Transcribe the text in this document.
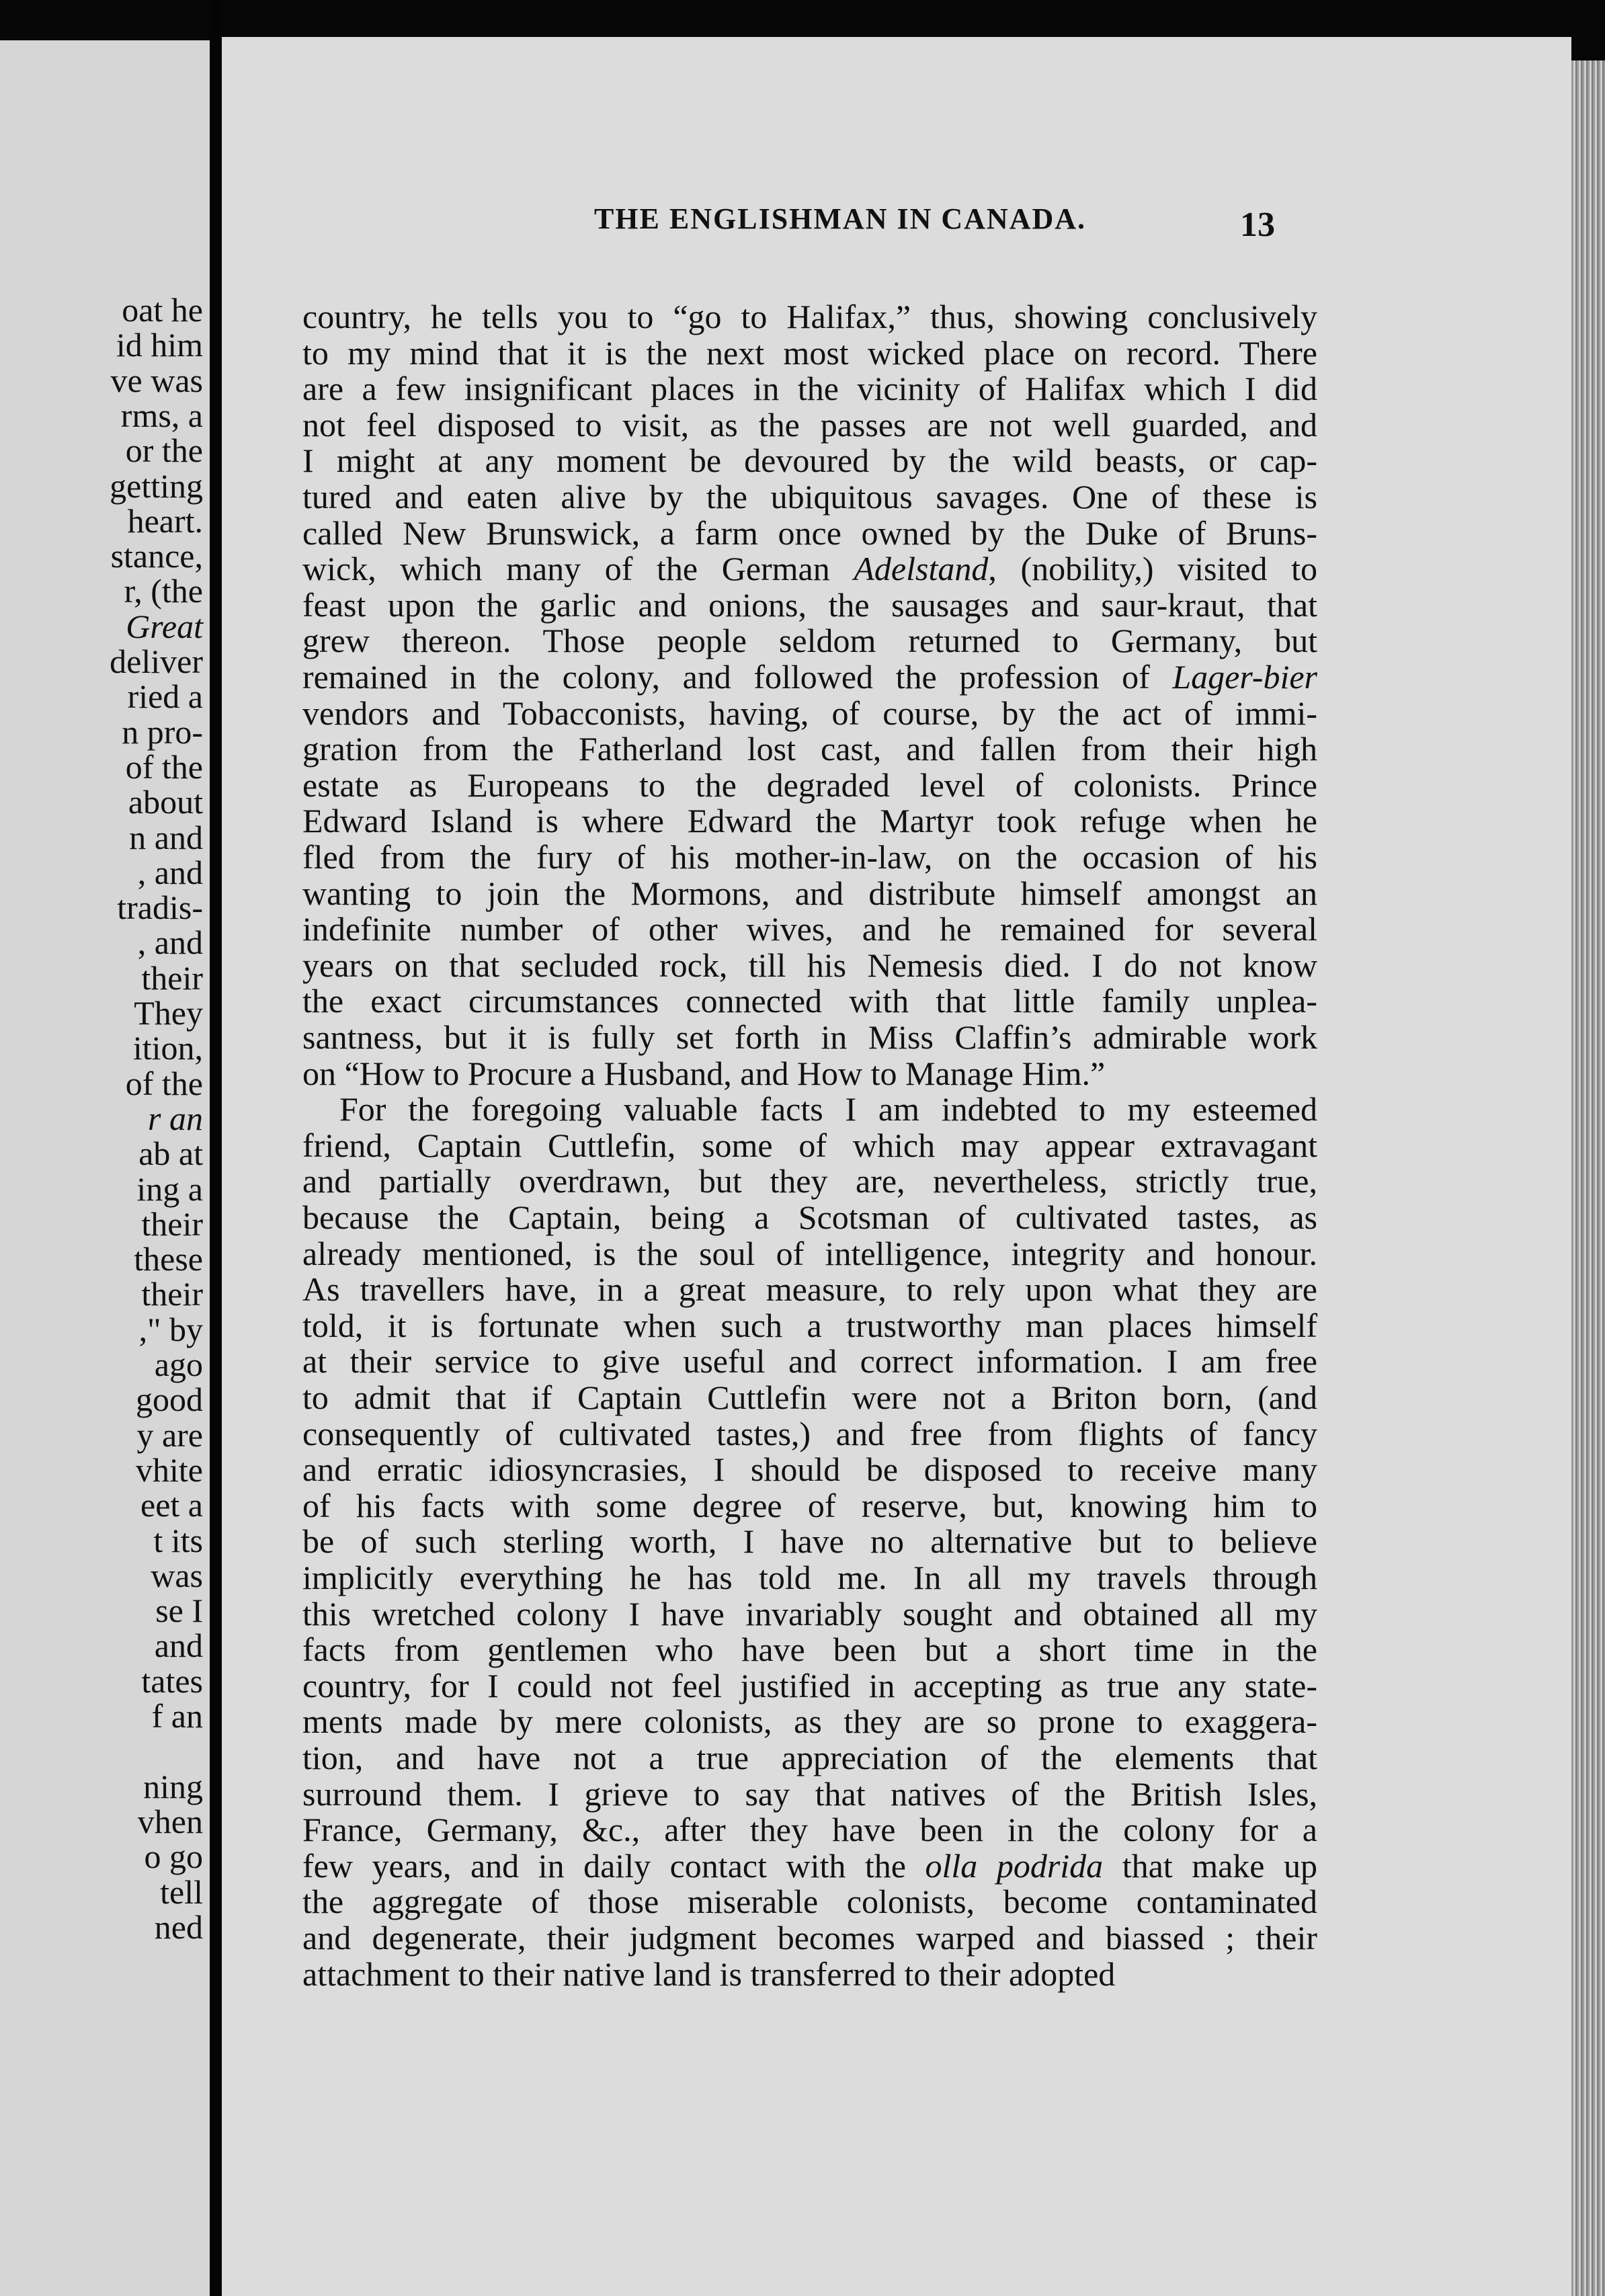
oat he
id him
ve was
rms, a
or the
getting
heart.
stance,
r, (the
Great
deliver
ried a
n pro-
of the
about
n and
, and
tradis-
, and
their
They
ition,
of the
r an
ab at
ing a
their
these
their
," by
ago
good
y are
vhite
eet a
t its
was
se I
and
tates
f an
ning
vhen
o go
tell
ned
THE ENGLISHMAN IN CANADA.	13
country, he tells you to “go to Halifax,” thus, showing conclusively
to my mind that it is the next most wicked place on record. There
are a few insignificant places in the vicinity of Halifax which I did
not feel disposed to visit, as the passes are not well guarded, and
I might at any moment be devoured by the wild beasts, or cap-
tured and eaten alive by the ubiquitous savages. One of these is
called New Brunswick, a farm once owned by the Duke of Bruns-
wick, which many of the German Adelstand, (nobility,) visited to
feast upon the garlic and onions, the sausages and saur-kraut, that
grew thereon. Those people seldom returned to Germany, but
remained in the colony, and followed the profession of Lager-bier
vendors and Tobacconists, having, of course, by the act of immi-
gration from the Fatherland lost cast, and fallen from their high
estate as Europeans to the degraded level of colonists. Prince
Edward Island is where Edward the Martyr took refuge when he
fled from the fury of his mother-in-law, on the occasion of his
wanting to join the Mormons, and distribute himself amongst an
indefinite number of other wives, and he remained for several
years on that secluded rock, till his Nemesis died. I do not know
the exact circumstances connected with that little family unplea-
santness, but it is fully set forth in Miss Claffin’s admirable work
on “How to Procure a Husband, and How to Manage Him.”
For the foregoing valuable facts I am indebted to my esteemed
friend, Captain Cuttlefin, some of which may appear extravagant
and partially overdrawn, but they are, nevertheless, strictly true,
because the Captain, being a Scotsman of cultivated tastes, as
already mentioned, is the soul of intelligence, integrity and honour.
As travellers have, in a great measure, to rely upon what they are
told, it is fortunate when such a trustworthy man places himself
at their service to give useful and correct information. I am free
to admit that if Captain Cuttlefin were not a Briton born, (and
consequently of cultivated tastes,) and free from flights of fancy
and erratic idiosyncrasies, I should be disposed to receive many
of his facts with some degree of reserve, but, knowing him to
be of such sterling worth, I have no alternative but to believe
implicitly everything he has told me. In all my travels through
this wretched colony I have invariably sought and obtained all my
facts from gentlemen who have been but a short time in the
country, for I could not feel justified in accepting as true any state-
ments made by mere colonists, as they are so prone to exaggera-
tion, and have not a true appreciation of the elements that
surround them. I grieve to say that natives of the British Isles,
France, Germany, &c., after they have been in the colony for a
few years, and in daily contact with the olla podrida that make up
the aggregate of those miserable colonists, become contaminated
and degenerate, their judgment becomes warped and biassed ; their
attachment to their native land is transferred to their adopted
